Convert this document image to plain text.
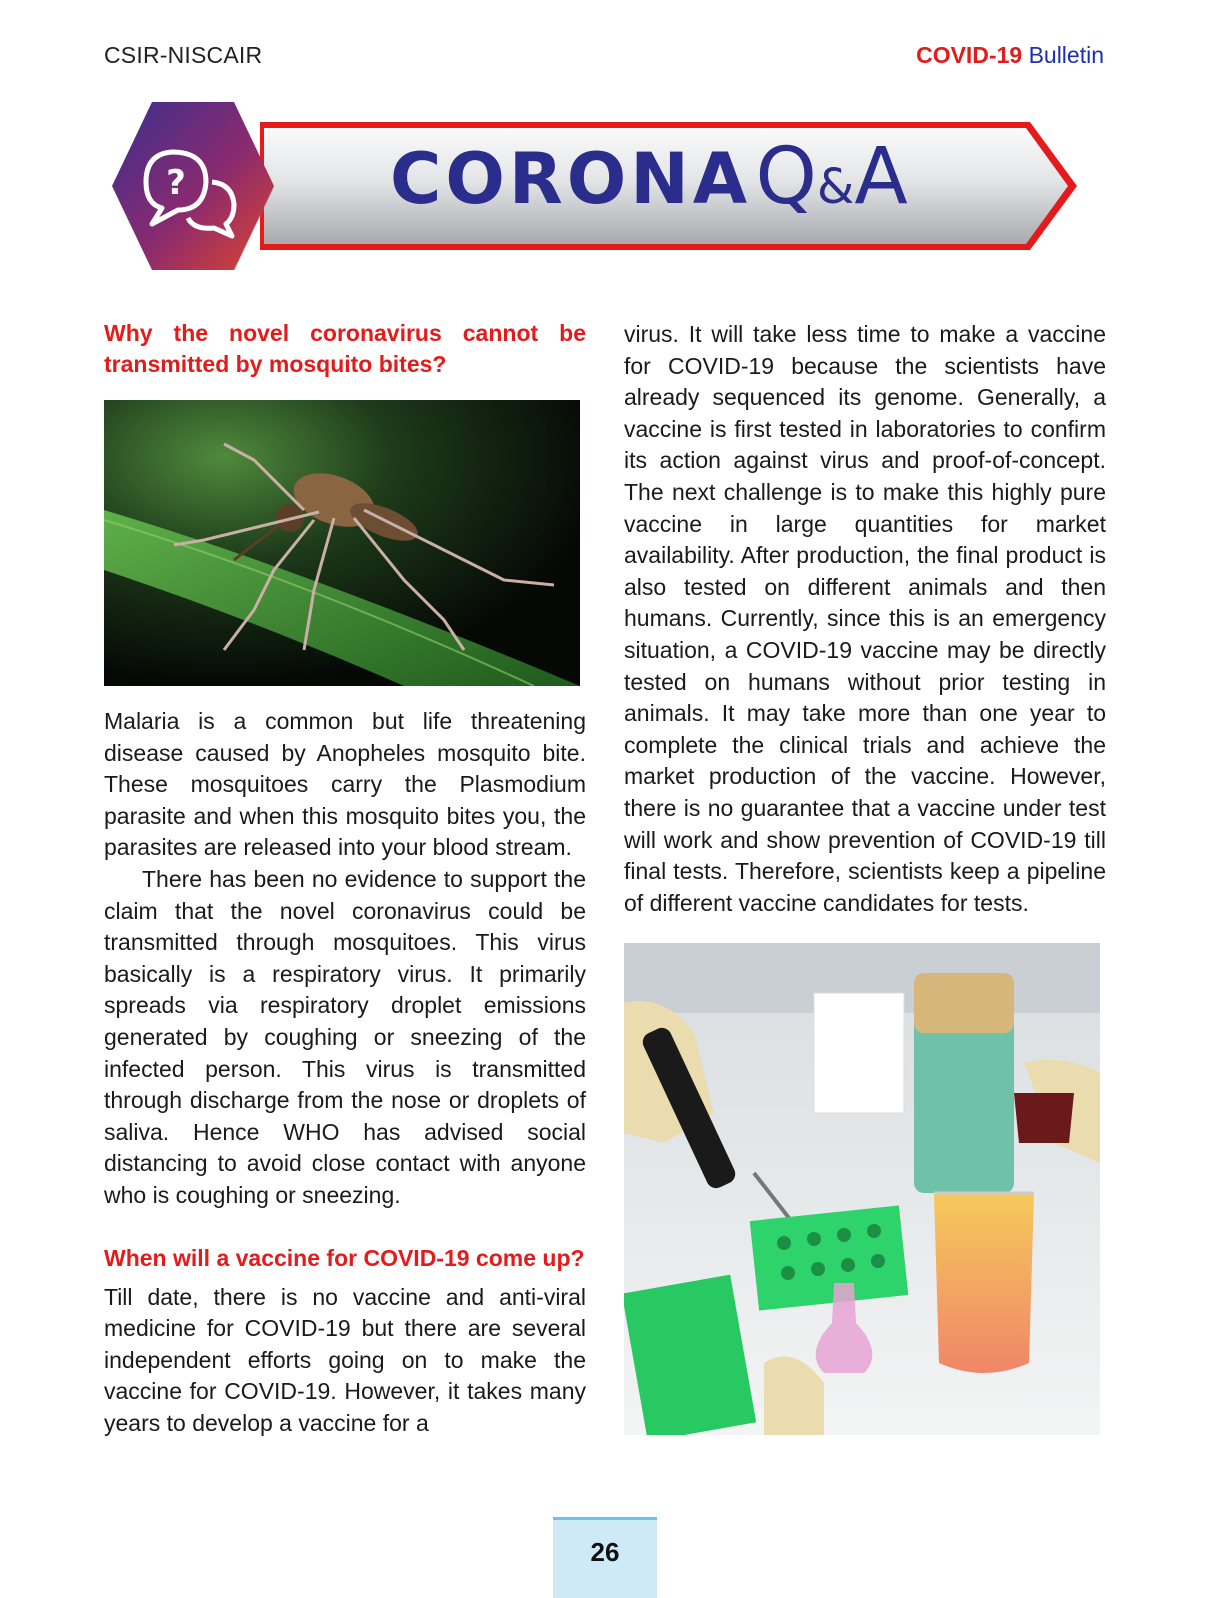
CSIR-NISCAIR	COVID-19 Bulletin
?	CORONA Q&A

Why the novel coronavirus cannot be transmitted by mosquito bites?

Malaria is a common but life threatening disease caused by Anopheles mosquito bite. These mosquitoes carry the Plasmodium parasite and when this mosquito bites you, the parasites are released into your blood stream.

There has been no evidence to support the claim that the novel coronavirus could be transmitted through mosquitoes. This virus basically is a respiratory virus. It primarily spreads via respiratory droplet emissions generated by coughing or sneezing of the infected person. This virus is transmitted through discharge from the nose or droplets of saliva. Hence WHO has advised social distancing to avoid close contact with anyone who is coughing or sneezing.

When will a vaccine for COVID-19 come up?

Till date, there is no vaccine and anti-viral medicine for COVID-19 but there are several independent efforts going on to make the vaccine for COVID-19. However, it takes many years to develop a vaccine for a

virus. It will take less time to make a vaccine for COVID-19 because the scientists have already sequenced its genome. Generally, a vaccine is first tested in laboratories to confirm its action against virus and proof-of-concept. The next challenge is to make this highly pure vaccine in large quantities for market availability. After production, the final product is also tested on different animals and then humans. Currently, since this is an emergency situation, a COVID-19 vaccine may be directly tested on humans without prior testing in animals. It may take more than one year to complete the clinical trials and achieve the market production of the vaccine. However, there is no guarantee that a vaccine under test will work and show prevention of COVID-19 till final tests. Therefore, scientists keep a pipeline of different vaccine candidates for tests.

26
